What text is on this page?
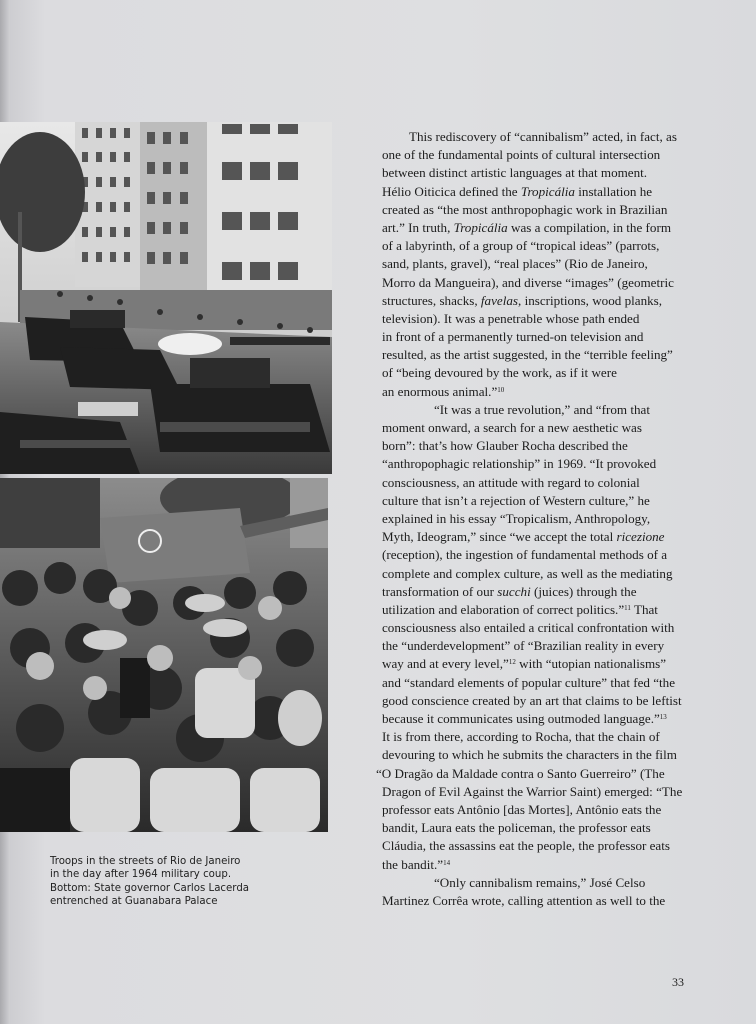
Troops in the streets of Rio de Janeiro
in the day after 1964 military coup.
Bottom: State governor Carlos Lacerda
entrenched at Guanabara Palace
This rediscovery of “cannibalism” acted, in fact, as
one of the fundamental points of cultural intersection
between distinct artistic languages at that moment.
Hélio Oiticica defined the Tropicália installation he
created as “the most anthropophagic work in Brazilian
art.” In truth, Tropicália was a compilation, in the form
of a labyrinth, of a group of “tropical ideas” (parrots,
sand, plants, gravel), “real places” (Rio de Janeiro,
Morro da Mangueira), and diverse “images” (geometric
structures, shacks, favelas, inscriptions, wood planks,
television). It was a penetrable whose path ended
in front of a permanently turned-on television and
resulted, as the artist suggested, in the “terrible feeling”
of “being devoured by the work, as if it were
an enormous animal.”$^{10}$
“It was a true revolution,” and “from that
moment onward, a search for a new aesthetic was
born”: that’s how Glauber Rocha described the
“anthropophagic relationship” in 1969. “It provoked
consciousness, an attitude with regard to colonial
culture that isn’t a rejection of Western culture,” he
explained in his essay “Tropicalism, Anthropology,
Myth, Ideogram,” since “we accept the total ricezione
(reception), the ingestion of fundamental methods of a
complete and complex culture, as well as the mediating
transformation of our succhi (juices) through the
utilization and elaboration of correct politics.”$^{11}$ That
consciousness also entailed a critical confrontation with
the “underdevelopment” of “Brazilian reality in every
way and at every level,”$^{12}$ with “utopian nationalisms”
and “standard elements of popular culture” that fed “the
good conscience created by an art that claims to be leftist
because it communicates using outmoded language.”$^{13}$
It is from there, according to Rocha, that the chain of
devouring to which he submits the characters in the film
“O Dragão da Maldade contra o Santo Guerreiro” (The
Dragon of Evil Against the Warrior Saint) emerged: “The
professor eats Antônio [das Mortes], Antônio eats the
bandit, Laura eats the policeman, the professor eats
Cláudia, the assassins eat the people, the professor eats
the bandit.”$^{14}$
“Only cannibalism remains,” José Celso
Martinez Corrêa wrote, calling attention as well to the
33
